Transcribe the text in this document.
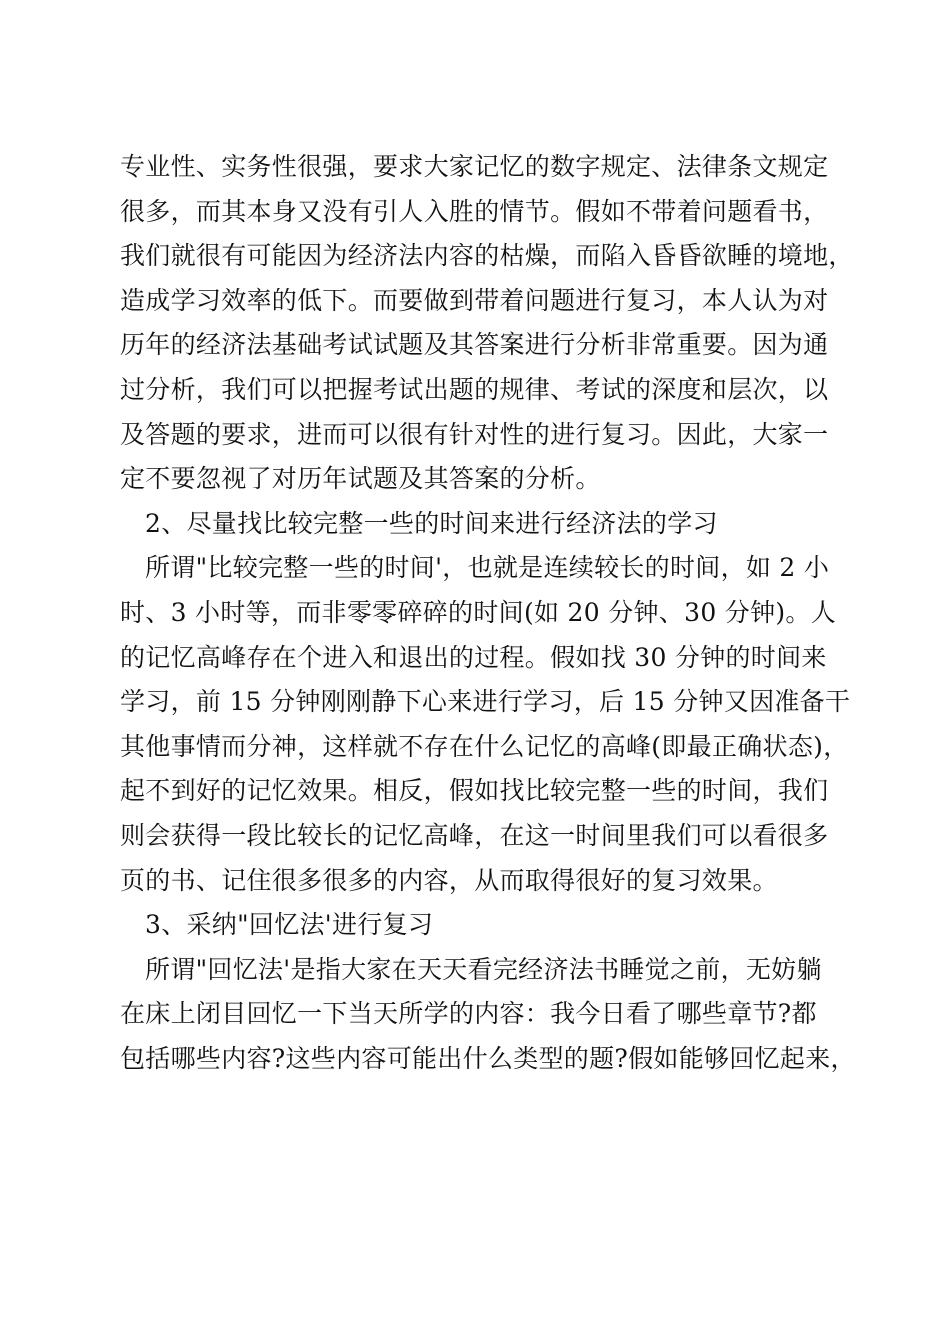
专业性、实务性很强，要求大家记忆的数字规定、法律条文规定
很多，而其本身又没有引人入胜的情节。假如不带着问题看书，
我们就很有可能因为经济法内容的枯燥，而陷入昏昏欲睡的境地，
造成学习效率的低下。而要做到带着问题进行复习，本人认为对
历年的经济法基础考试试题及其答案进行分析非常重要。因为通
过分析，我们可以把握考试出题的规律、考试的深度和层次，以
及答题的要求，进而可以很有针对性的进行复习。因此，大家一
定不要忽视了对历年试题及其答案的分析。
2、尽量找比较完整一些的时间来进行经济法的学习
所谓"比较完整一些的时间'，也就是连续较长的时间，如 2 小
时、3 小时等，而非零零碎碎的时间(如 20 分钟、30 分钟)。人
的记忆高峰存在个进入和退出的过程。假如找 30 分钟的时间来
学习，前 15 分钟刚刚静下心来进行学习，后 15 分钟又因准备干
其他事情而分神，这样就不存在什么记忆的高峰(即最正确状态)，
起不到好的记忆效果。相反，假如找比较完整一些的时间，我们
则会获得一段比较长的记忆高峰，在这一时间里我们可以看很多
页的书、记住很多很多的内容，从而取得很好的复习效果。
3、采纳"回忆法'进行复习
所谓"回忆法'是指大家在天天看完经济法书睡觉之前，无妨躺
在床上闭目回忆一下当天所学的内容：我今日看了哪些章节?都
包括哪些内容?这些内容可能出什么类型的题?假如能够回忆起来，
